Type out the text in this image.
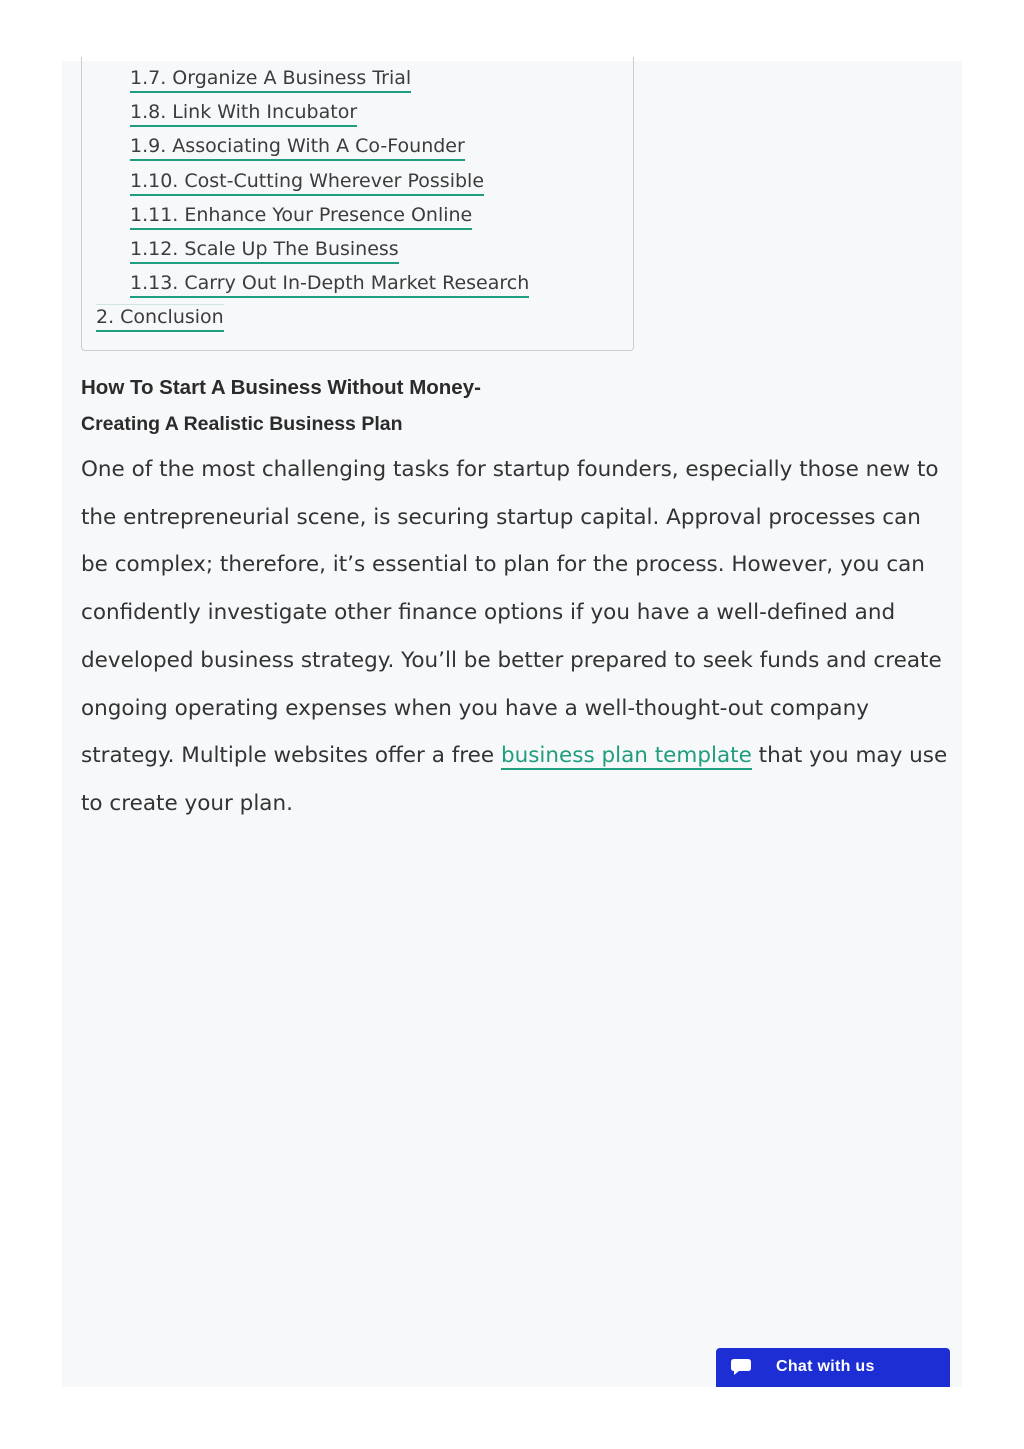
1.7. Organize A Business Trial
1.8. Link With Incubator
1.9. Associating With A Co-Founder
1.10. Cost-Cutting Wherever Possible
1.11. Enhance Your Presence Online
1.12. Scale Up The Business
1.13. Carry Out In-Depth Market Research
2. Conclusion
How To Start A Business Without Money-
Creating A Realistic Business Plan

One of the most challenging tasks for startup founders, especially those new to the entrepreneurial scene, is securing startup capital. Approval processes can be complex; therefore, it’s essential to plan for the process. However, you can confidently investigate other finance options if you have a well-defined and developed business strategy. You’ll be better prepared to seek funds and create ongoing operating expenses when you have a well-thought-out company strategy. Multiple websites offer a free business plan template that you may use to create your plan.

Chat with us
